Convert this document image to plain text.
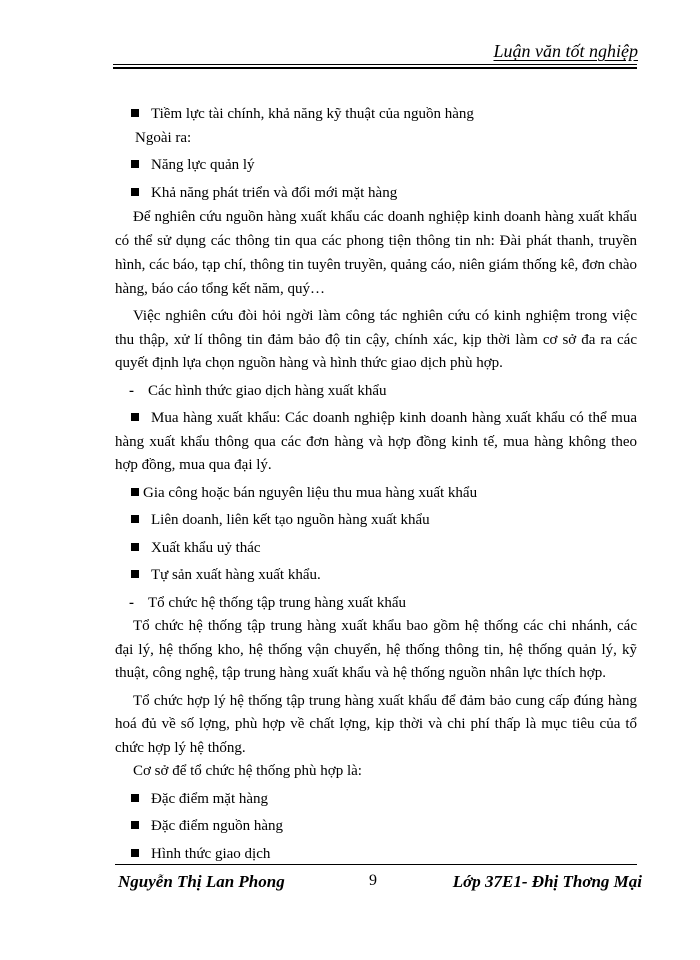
Luận văn tốt nghiệp
Tiềm lực tài chính, khả năng kỹ thuật của nguồn hàng
Ngoài ra:
Năng lực quản lý
Khả năng phát triển và đổi mới mặt hàng
Để nghiên cứu nguồn hàng xuất khẩu các doanh nghiệp kinh doanh hàng xuất khẩu có thể sử dụng các thông tin qua các phong tiện thông tin nh: Đài phát thanh, truyền hình, các báo, tạp chí, thông tin tuyên truyền, quảng cáo, niên giám thống kê, đơn chào hàng, báo cáo tổng kết năm, quý…
Việc nghiên cứu đòi hỏi ngời làm công tác nghiên cứu có kinh nghiệm trong việc thu thập, xử lí thông tin đảm bảo độ tin cậy, chính xác, kịp thời làm cơ sở đa ra các quyết định lựa chọn nguồn hàng và hình thức giao dịch phù hợp.
- Các hình thức giao dịch hàng xuất khẩu
Mua hàng xuất khẩu: Các doanh nghiệp kinh doanh hàng xuất khẩu có thể mua hàng xuất khẩu thông qua các đơn hàng và hợp đồng kinh tế, mua hàng không theo hợp đồng, mua qua đại lý.
Gia công hoặc bán nguyên liệu thu mua hàng xuất khẩu
Liên doanh, liên kết tạo nguồn hàng xuất khẩu
Xuất khẩu uỷ thác
Tự sản xuất hàng xuất khẩu.
- Tổ chức hệ thống tập trung hàng xuất khẩu
Tổ chức hệ thống tập trung hàng xuất khẩu bao gồm hệ thống các chi nhánh, các đại lý, hệ thống kho, hệ thống vận chuyển, hệ thống thông tin, hệ thống quản lý, kỹ thuật, công nghệ, tập trung hàng xuất khẩu và hệ thống nguồn nhân lực thích hợp.
Tổ chức hợp lý hệ thống tập trung hàng xuất khẩu để đảm bảo cung cấp đúng hàng hoá đủ về số lợng, phù hợp về chất lợng, kịp thời và chi phí thấp là mục tiêu của tổ chức hợp lý hệ thống.
Cơ sở để tổ chức hệ thống phù hợp là:
Đặc điểm mặt hàng
Đặc điểm nguồn hàng
Hình thức giao dịch
Nguyễn Thị Lan Phong	9	Lớp 37E1- Đhị Thơng Mại
